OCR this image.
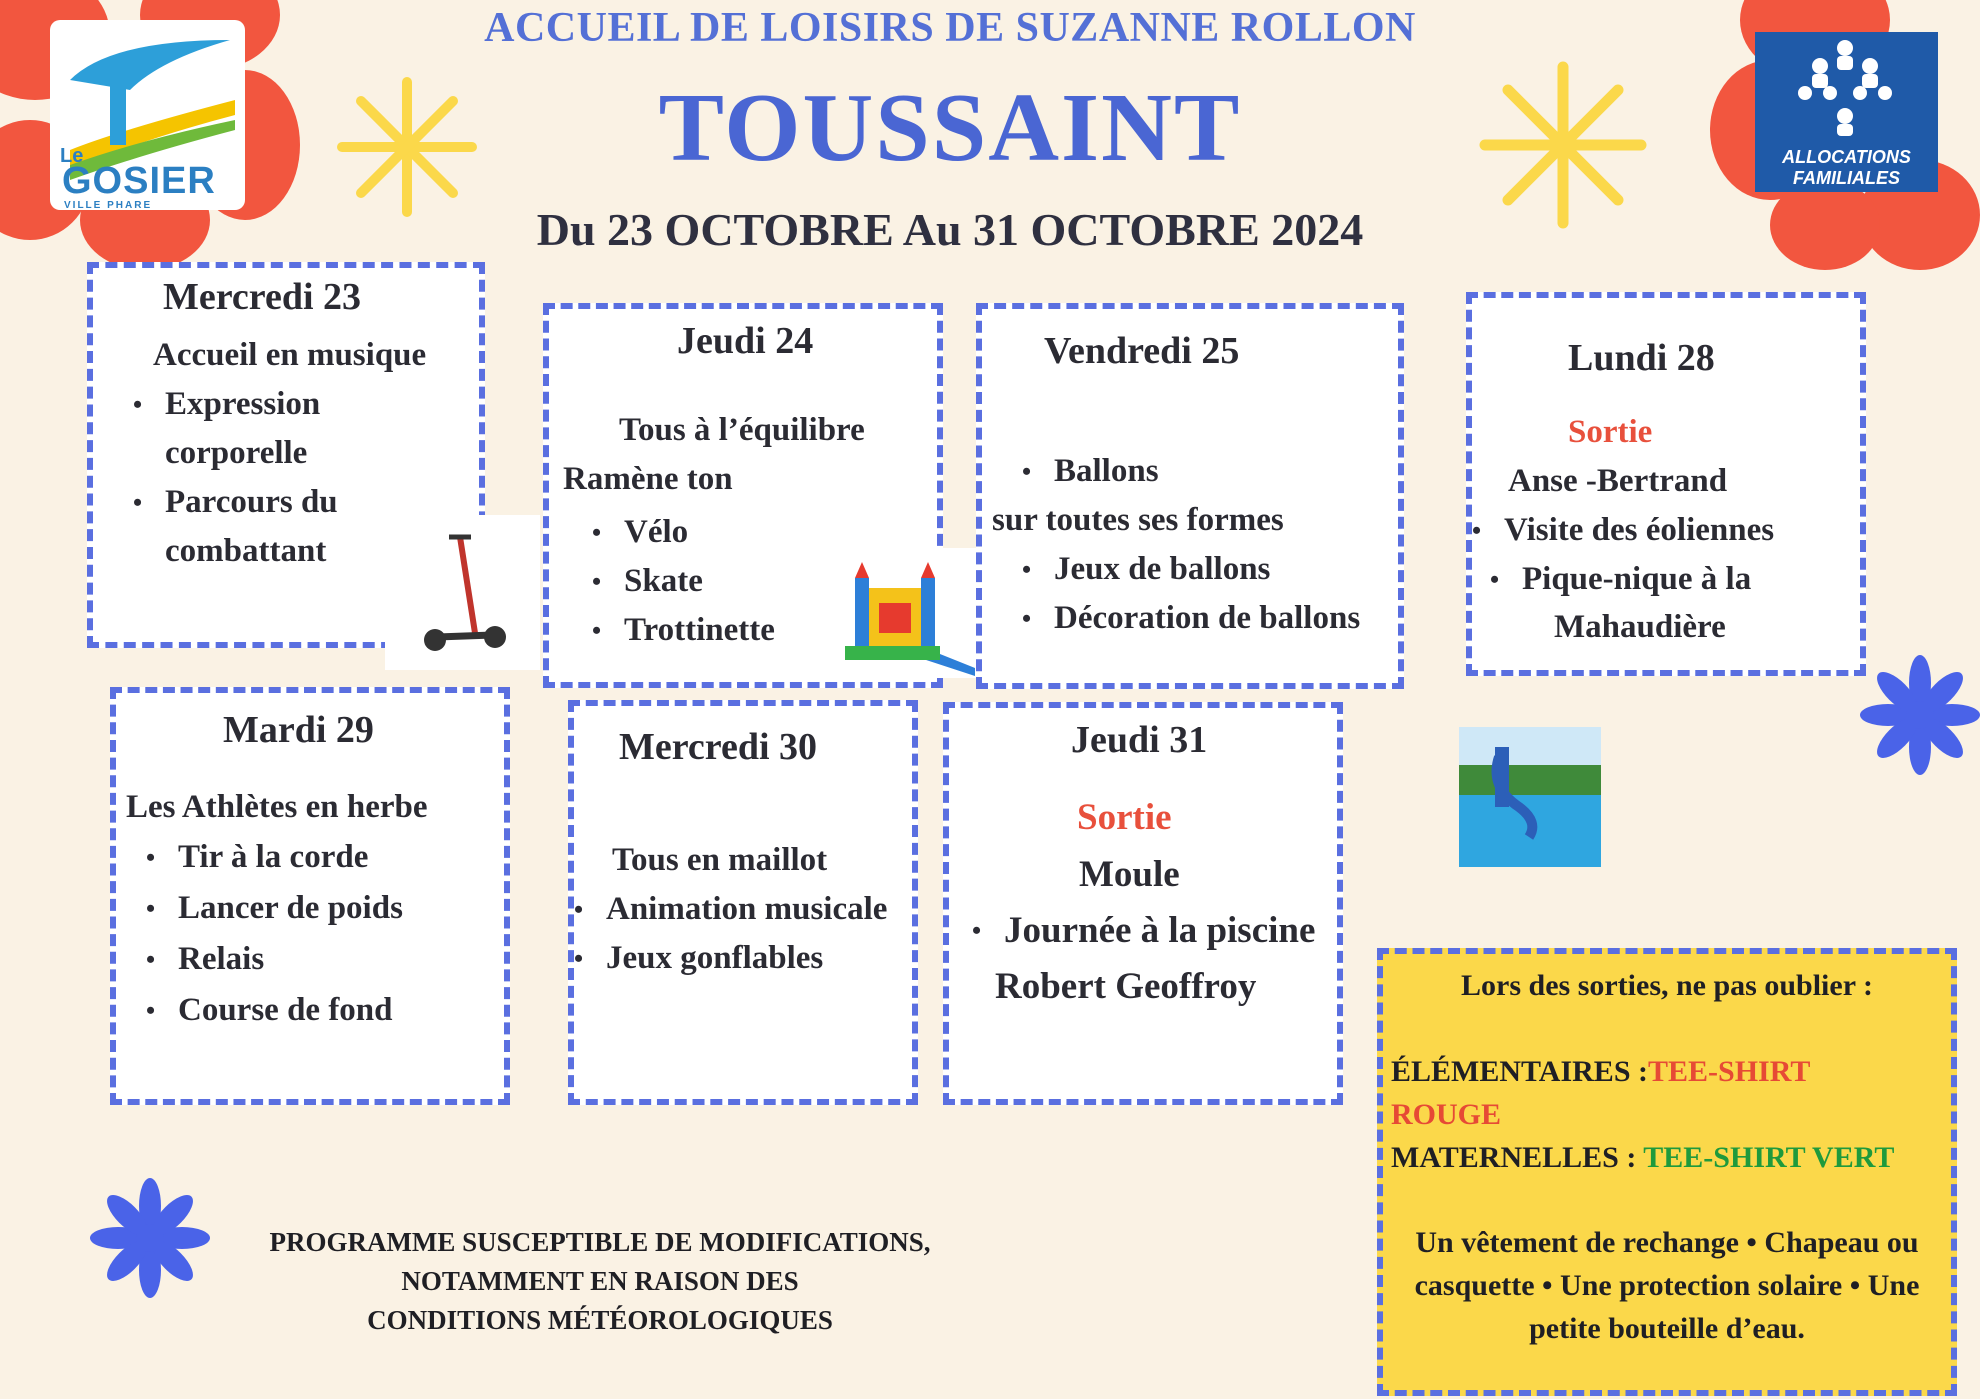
Le
GOSIER
VILLE PHARE
ALLOCATIONS
FAMILIALES
ACCUEIL DE LOISIRS DE SUZANNE ROLLON
TOUSSAINT
Du 23 OCTOBRE Au 31 OCTOBRE 2024
Mercredi 23
Accueil en musique
• Expression
corporelle
• Parcours du
combattant
Jeudi 24
Tous à l’équilibre
Ramène ton
• Vélo
• Skate
• Trottinette
Vendredi 25
• Ballons
sur toutes ses formes
• Jeux de ballons
• Décoration de ballons
Lundi 28
Sortie
Anse -Bertrand
• Visite des éoliennes
• Pique-nique à la
Mahaudière
Mardi 29
Les Athlètes en herbe
• Tir à la corde
• Lancer de poids
• Relais
• Course de fond
Mercredi 30
Tous en maillot
• Animation musicale
• Jeux gonflables
Jeudi 31
Sortie
Moule
• Journée à la piscine
Robert Geoffroy	Lors des sorties, ne pas oublier :
ÉLÉMENTAIRES :TEE-SHIRT
ROUGE
MATERNELLES : TEE-SHIRT VERT
Un vêtement de rechange • Chapeau ou
casquette • Une protection solaire • Une
petite bouteille d’eau.
PROGRAMME SUSCEPTIBLE DE MODIFICATIONS,
NOTAMMENT EN RAISON DES
CONDITIONS MÉTÉOROLOGIQUES
